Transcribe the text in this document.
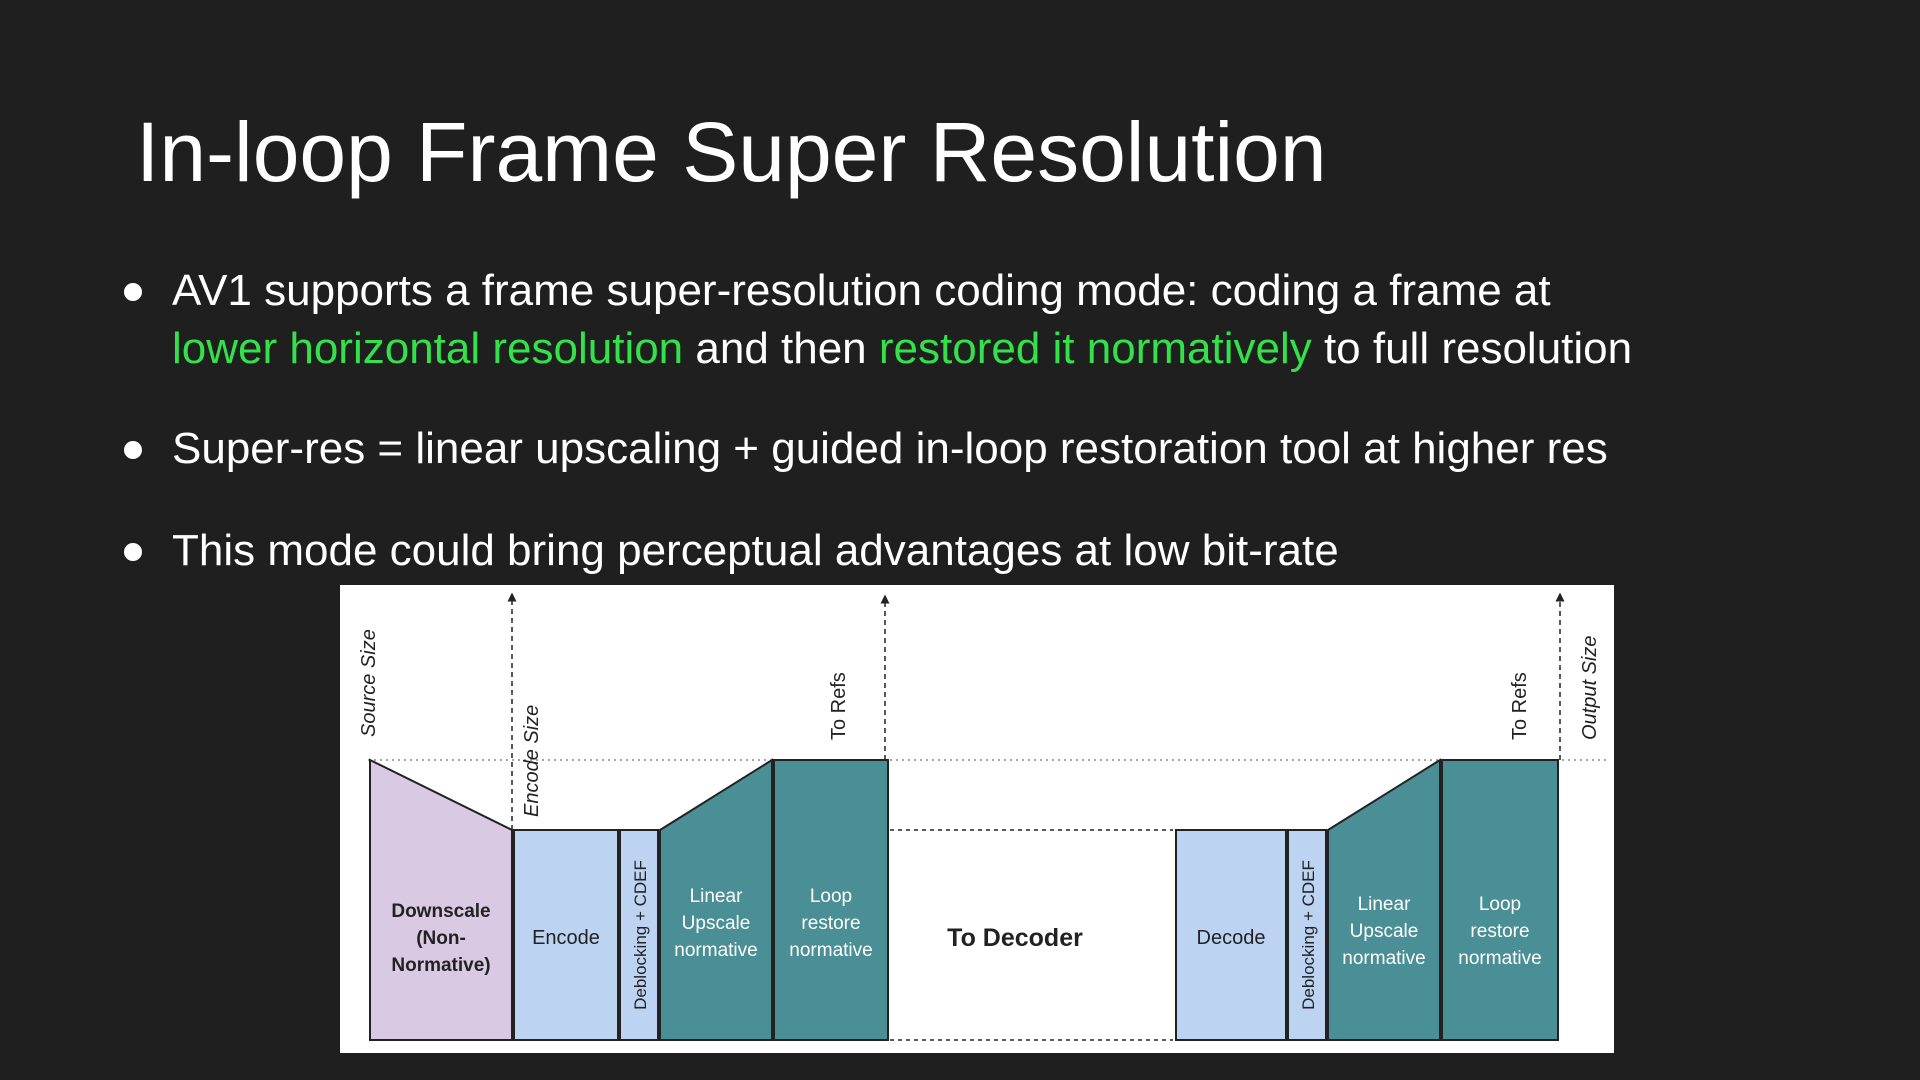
In-loop Frame Super Resolution
AV1 supports a frame super-resolution coding mode: coding a frame at
lower horizontal resolution and then restored it normatively to full resolution
Super-res = linear upscaling + guided in-loop restoration tool at higher res
This mode could bring perceptual advantages at low bit-rate
Source Size
Encode Size	To Refs	To Refs Output Size
Downscale
(Non-
Normative)
Encode Deblocking + CDEF Linear
Upscale
normative
Loop
restore
normative	To Decoder	Decode Deblocking + CDEF Linear
Upscale
normative
Loop
restore
normative
